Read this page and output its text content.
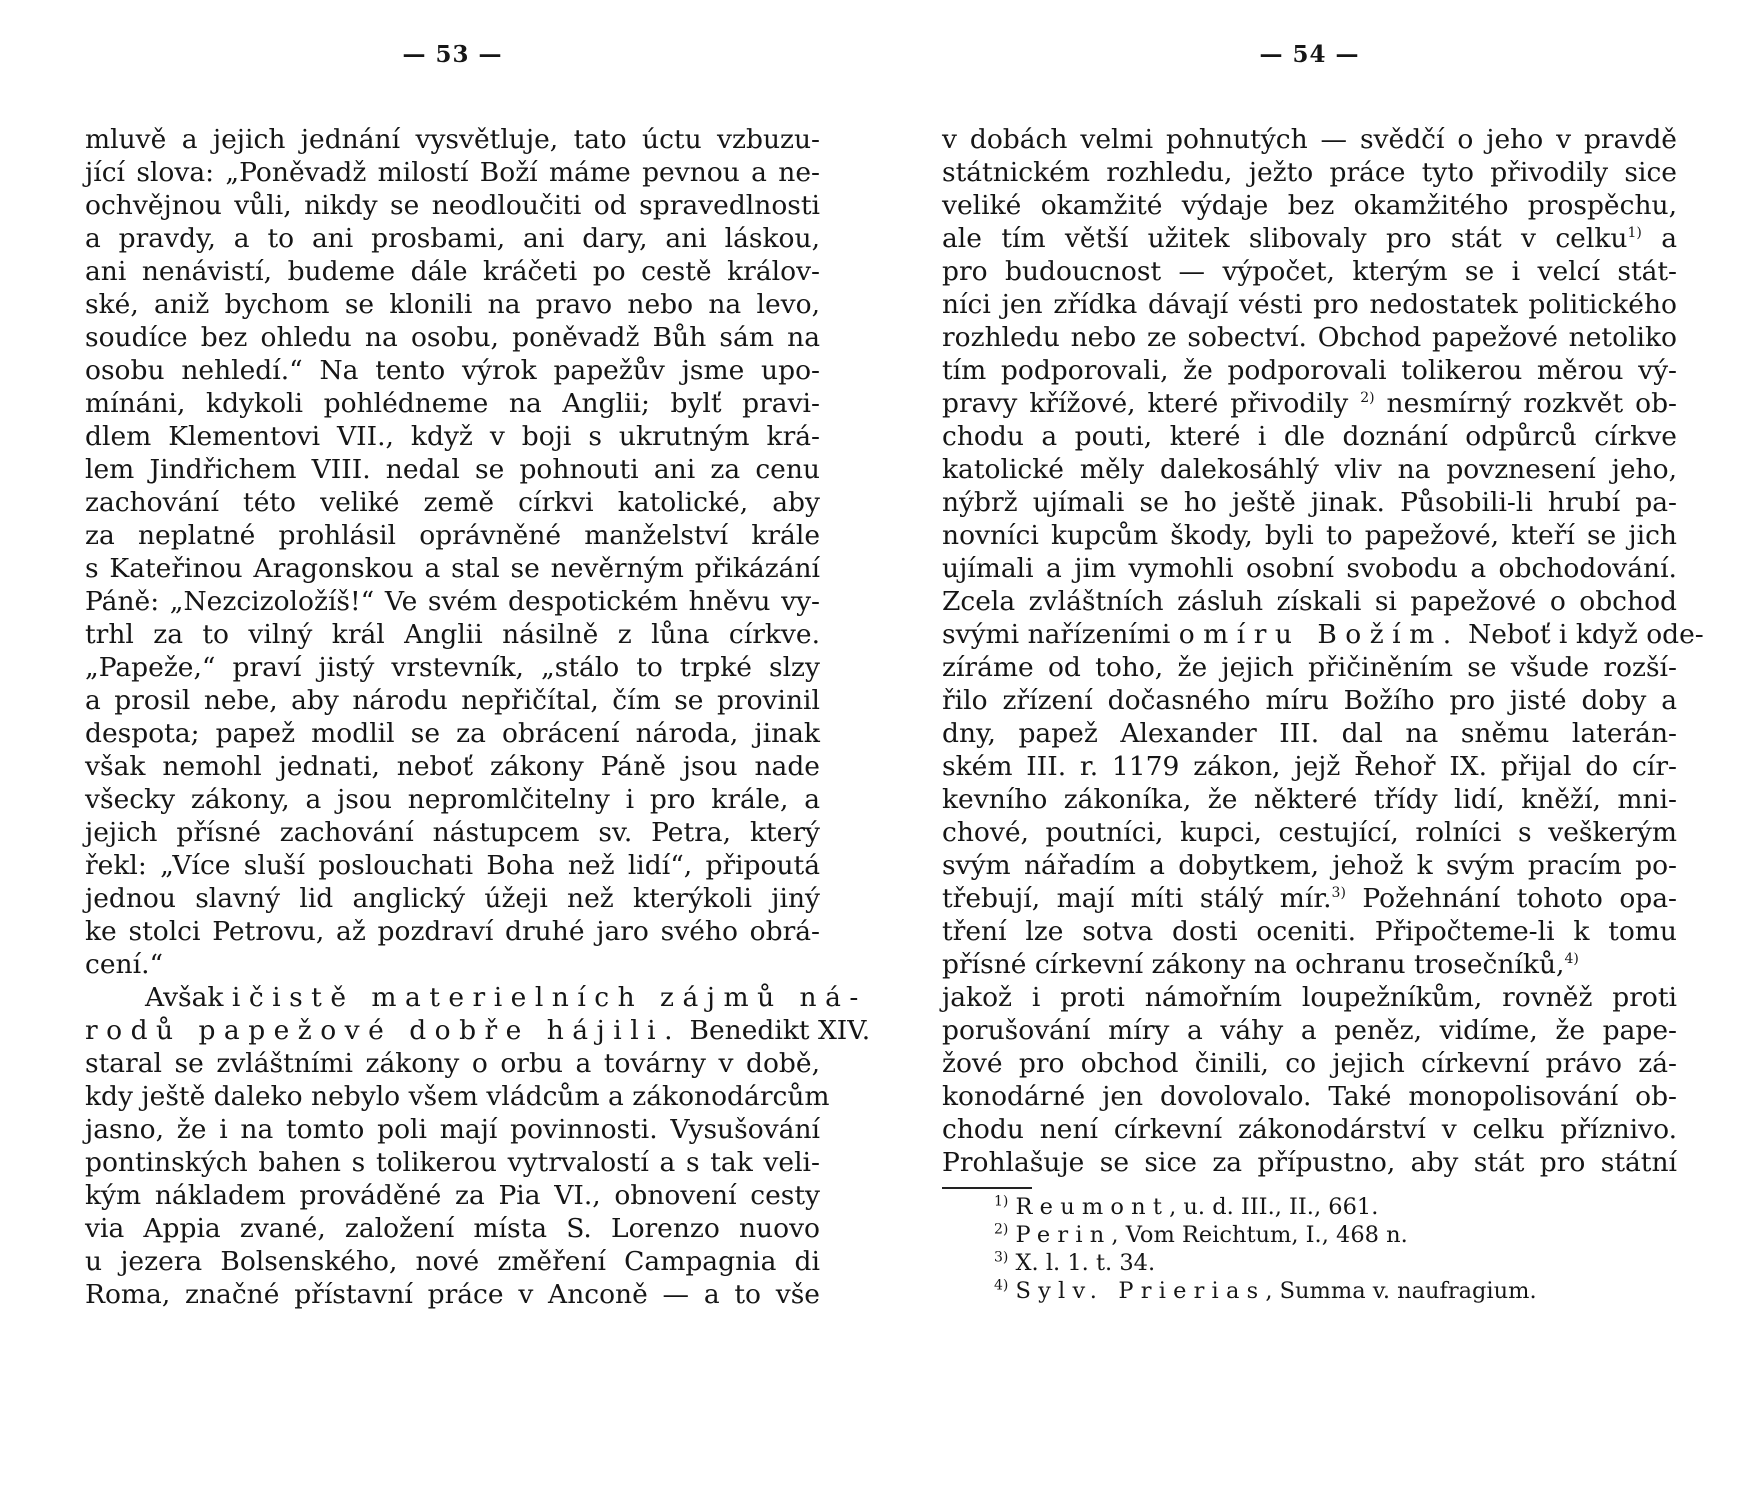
— 53 —
mluvě a jejich jednání vysvětluje, tato úctu vzbuzu-
jící slova: „Poněvadž milostí Boží máme pevnou a ne-
ochvějnou vůli, nikdy se neodloučiti od spravedlnosti
a pravdy, a to ani prosbami, ani dary, ani láskou,
ani nenávistí, budeme dále kráčeti po cestě králov-
ské, aniž bychom se klonili na pravo nebo na levo,
soudíce bez ohledu na osobu, poněvadž Bůh sám na
osobu nehledí.“ Na tento výrok papežův jsme upo-
mínáni, kdykoli pohlédneme na Anglii; bylť pravi-
dlem Klementovi VII., když v boji s ukrutným krá-
lem Jindřichem VIII. nedal se pohnouti ani za cenu
zachování této veliké země církvi katolické, aby
za neplatné prohlásil oprávněné manželství krále
s Kateřinou Aragonskou a stal se nevěrným přikázání
Páně: „Nezcizoložíš!“ Ve svém despotickém hněvu vy-
trhl za to vilný král Anglii násilně z lůna církve.
„Papeže,“ praví jistý vrstevník, „stálo to trpké slzy
a prosil nebe, aby národu nepřičítal, čím se provinil
despota; papež modlil se za obrácení národa, jinak
však nemohl jednati, neboť zákony Páně jsou nade
všecky zákony, a jsou nepromlčitelny i pro krále, a
jejich přísné zachování nástupcem sv. Petra, který
řekl: „Více sluší poslouchati Boha než lidí“, připoutá
jednou slavný lid anglický úžeji než kterýkoli jiný
ke stolci Petrovu, až pozdraví druhé jaro svého obrá-
cení.“
Avšak i čistě materielních zájmů ná-
rodů papežové dobře hájili. Benedikt XIV.
staral se zvláštními zákony o orbu a továrny v době,
kdy ještě daleko nebylo všem vládcům a zákonodárcům
jasno, že i na tomto poli mají povinnosti. Vysušování
pontinských bahen s tolikerou vytrvalostí a s tak veli-
kým nákladem prováděné za Pia VI., obnovení cesty
via Appia zvané, založení místa S. Lorenzo nuovo
u jezera Bolsenského, nové změření Campagnia di
Roma, značné přístavní práce v Anconě — a to vše
— 54 —
v dobách velmi pohnutých — svědčí o jeho v pravdě
státnickém rozhledu, ježto práce tyto přivodily sice
veliké okamžité výdaje bez okamžitého prospěchu,
ale tím větší užitek slibovaly pro stát v celku$^{1)}$ a
pro budoucnost — výpočet, kterým se i velcí stát-
níci jen zřídka dávají vésti pro nedostatek politického
rozhledu nebo ze sobectví. Obchod papežové netoliko
tím podporovali, že podporovali tolikerou měrou vý-
pravy křížové, které přivodily $^{2)}$ nesmírný rozkvět ob-
chodu a pouti, které i dle doznání odpůrců církve
katolické měly dalekosáhlý vliv na povznesení jeho,
nýbrž ujímali se ho ještě jinak. Působili-li hrubí pa-
novníci kupcům škody, byli to papežové, kteří se jich
ujímali a jim vymohli osobní svobodu a obchodování.
Zcela zvláštních zásluh získali si papežové o obchod
svými nařízeními o míru Božím. Neboť i když ode-
zíráme od toho, že jejich přičiněním se všude rozší-
řilo zřízení dočasného míru Božího pro jisté doby a
dny, papež Alexander III. dal na sněmu laterán-
ském III. r. 1179 zákon, jejž Řehoř IX. přijal do cír-
kevního zákoníka, že některé třídy lidí, kněží, mni-
chové, poutníci, kupci, cestující, rolníci s veškerým
svým nářadím a dobytkem, jehož k svým pracím po-
třebují, mají míti stálý mír.$^{3)}$ Požehnání tohoto opa-
tření lze sotva dosti oceniti. Připočteme-li k tomu
přísné církevní zákony na ochranu trosečníků,$^{4)}$
jakož i proti námořním loupežníkům, rovněž proti
porušování míry a váhy a peněz, vidíme, že pape-
žové pro obchod činili, co jejich církevní právo zá-
konodárné jen dovolovalo. Také monopolisování ob-
chodu není církevní zákonodárství v celku příznivo.
Prohlašuje se sice za přípustno, aby stát pro státní
$^{1)}$ Reumont, u. d. III., II., 661.
$^{2)}$ Perin, Vom Reichtum, I., 468 n.
$^{3)}$ X. l. 1. t. 34.
$^{4)}$ Sylv. Prierias, Summa v. naufragium.
